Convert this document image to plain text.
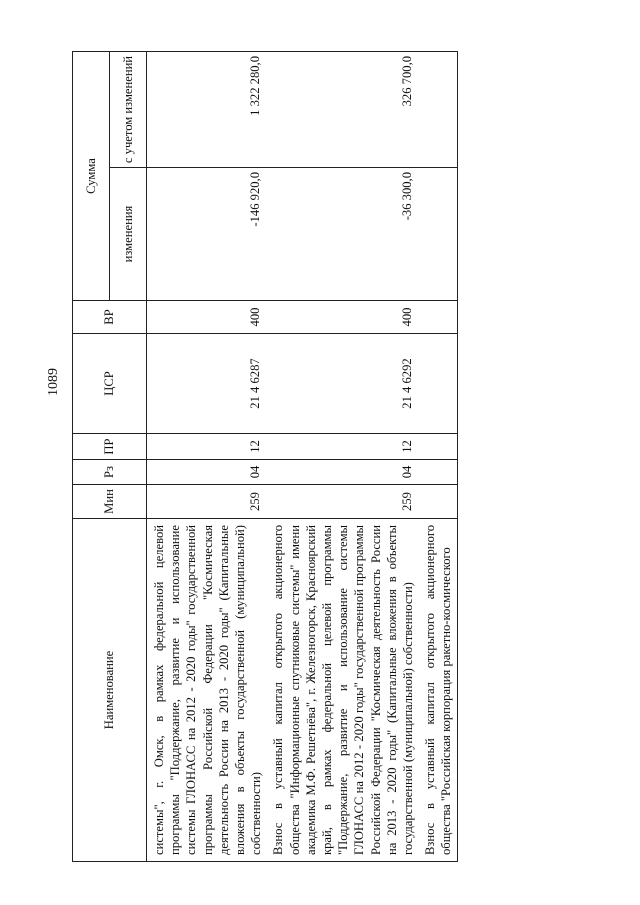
1089
Наименование	Мин	Рз	ПР	ЦСР	ВР	Сумма	
						изменения	с учетом изменений
системы", г. Омск, в рамках федеральной целевой программы "Поддержание, развитие и использование системы ГЛОНАСС на 2012 - 2020 годы" государственной программы Российской Федерации "Космическая деятельность России на 2013 - 2020 годы" (Капитальные вложения в объекты государственной (муниципальной) собственности)	259	04	12	21 4 6287	400	-146 920,0	1 322 280,0
Взнос в уставный капитал открытого акционерного общества "Информационные спутниковые системы" имени академика М.Ф. Решетнёва", г. Железногорск, Красноярский край, в рамках федеральной целевой программы "Поддержание, развитие и использование системы ГЛОНАСС на 2012 - 2020 годы" государственной программы Российской Федерации "Космическая деятельность России на 2013 - 2020 годы" (Капитальные вложения в объекты государственной (муниципальной) собственности)	259	04	12	21 4 6292	400	-36 300,0	326 700,0
Взнос в уставный капитал открытого акционерного общества "Российская корпорация ракетно-космического							
